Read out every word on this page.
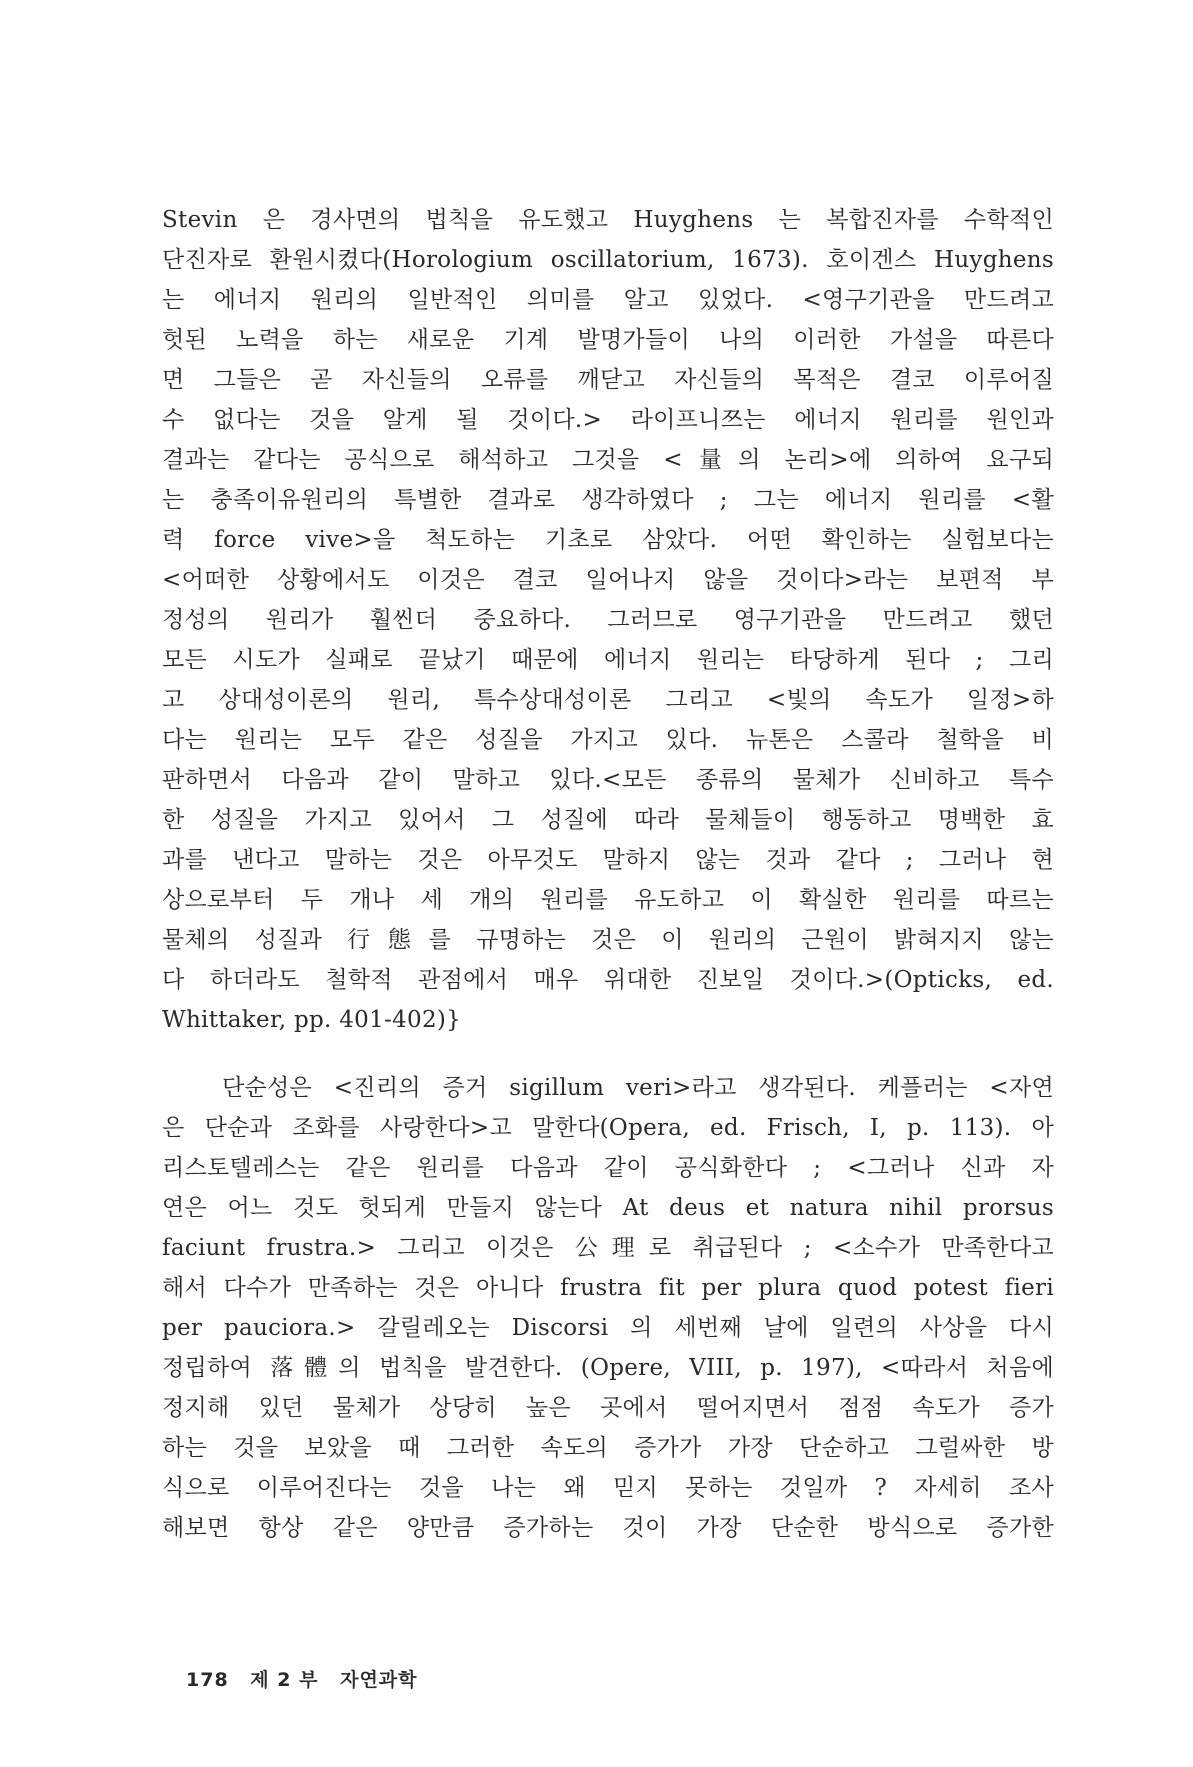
Stevin 은 경사면의 법칙을 유도했고 Huyghens 는 복합진자를 수학적인
단진자로 환원시켰다(Horologium oscillatorium, 1673). 호이겐스 Huyghens
는 에너지 원리의 일반적인 의미를 알고 있었다. <영구기관을 만드려고
헛된 노력을 하는 새로운 기계 발명가들이 나의 이러한 가설을 따른다
면 그들은 곧 자신들의 오류를 깨닫고 자신들의 목적은 결코 이루어질
수 없다는 것을 알게 될 것이다.> 라이프니쯔는 에너지 원리를 원인과
결과는 같다는 공식으로 해석하고 그것을 <量의 논리>에 의하여 요구되
는 충족이유원리의 특별한 결과로 생각하였다 ; 그는 에너지 원리를 <활
력 force vive>을 척도하는 기초로 삼았다. 어떤 확인하는 실험보다는
<어떠한 상황에서도 이것은 결코 일어나지 않을 것이다>라는 보편적 부
정성의 원리가 훨씬더 중요하다. 그러므로 영구기관을 만드려고 했던
모든 시도가 실패로 끝났기 때문에 에너지 원리는 타당하게 된다 ; 그리
고 상대성이론의 원리, 특수상대성이론 그리고 <빛의 속도가 일정>하
다는 원리는 모두 같은 성질을 가지고 있다. 뉴톤은 스콜라 철학을 비
판하면서 다음과 같이 말하고 있다.<모든 종류의 물체가 신비하고 특수
한 성질을 가지고 있어서 그 성질에 따라 물체들이 행동하고 명백한 효
과를 낸다고 말하는 것은 아무것도 말하지 않는 것과 같다 ; 그러나 현
상으로부터 두 개나 세 개의 원리를 유도하고 이 확실한 원리를 따르는
물체의 성질과 行態를 규명하는 것은 이 원리의 근원이 밝혀지지 않는
다 하더라도 철학적 관점에서 매우 위대한 진보일 것이다.>(Opticks, ed.
Whittaker, pp. 401-402)}
단순성은 <진리의 증거 sigillum veri>라고 생각된다. 케플러는 <자연
은 단순과 조화를 사랑한다>고 말한다(Opera, ed. Frisch, I, p. 113). 아
리스토텔레스는 같은 원리를 다음과 같이 공식화한다 ; <그러나 신과 자
연은 어느 것도 헛되게 만들지 않는다 At deus et natura nihil prorsus
faciunt frustra.> 그리고 이것은 公理로 취급된다 ; <소수가 만족한다고
해서 다수가 만족하는 것은 아니다 frustra fit per plura quod potest fieri
per pauciora.> 갈릴레오는 Discorsi 의 세번째 날에 일련의 사상을 다시
정립하여 落體의 법칙을 발견한다. (Opere, VIII, p. 197), <따라서 처음에
정지해 있던 물체가 상당히 높은 곳에서 떨어지면서 점점 속도가 증가
하는 것을 보았을 때 그러한 속도의 증가가 가장 단순하고 그럴싸한 방
식으로 이루어진다는 것을 나는 왜 믿지 못하는 것일까 ? 자세히 조사
해보면 항상 같은 양만큼 증가하는 것이 가장 단순한 방식으로 증가한
178 제 2 부 자연과학
